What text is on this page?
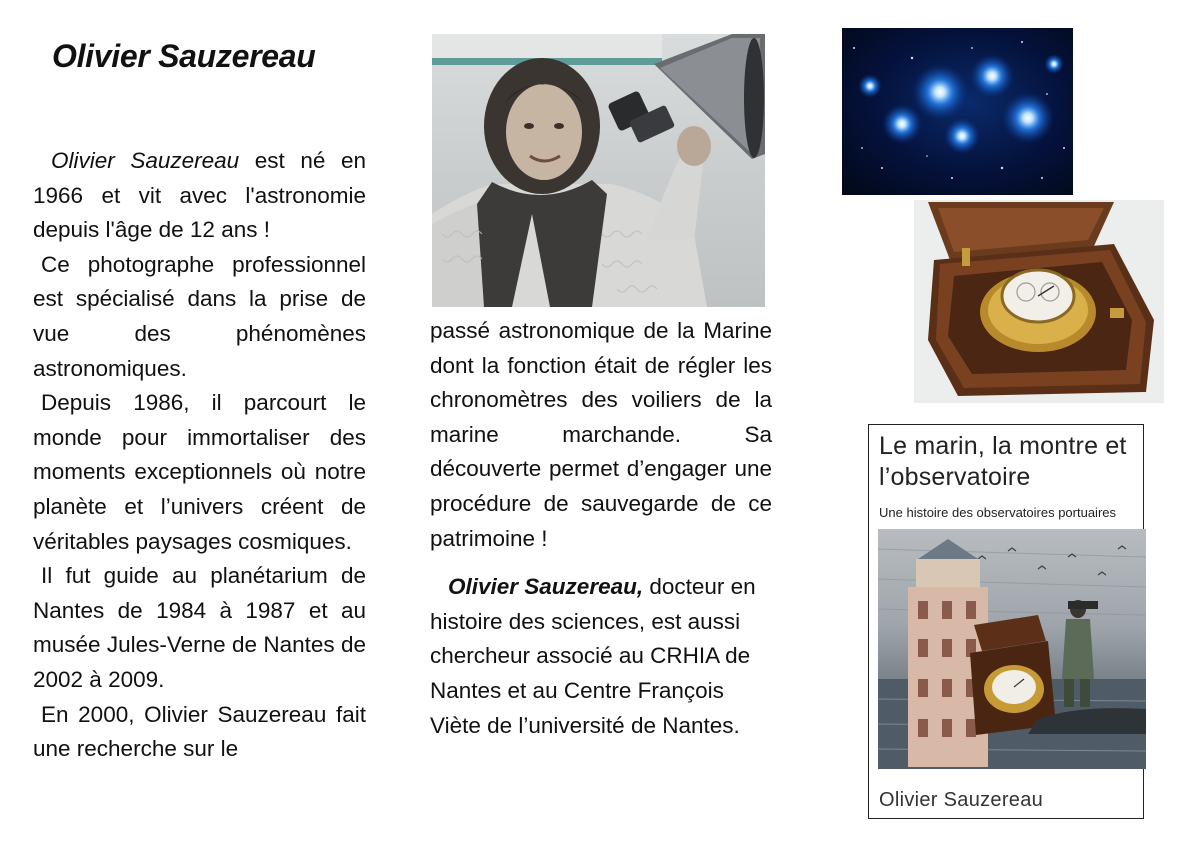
Olivier Sauzereau

Olivier Sauzereau est né en 1966 et vit avec l'astronomie depuis l'âge de 12 ans !

Ce photographe professionnel est spécialisé dans la prise de vue des phénomènes astronomiques.

Depuis 1986, il parcourt le monde pour immortaliser des moments exceptionnels où notre planète et l’univers créent de véritables paysages cosmiques.

Il fut guide au planétarium de Nantes de 1984 à 1987 et au musée Jules-Verne de Nantes de 2002 à 2009.

En 2000, Olivier Sauzereau fait une recherche sur le

passé astronomique de la Marine dont la fonction était de régler les chronomètres des voiliers de la marine marchande. Sa découverte permet d’engager une procédure de sauvegarde de ce patrimoine !

Olivier Sauzereau, docteur en histoire des sciences, est aussi chercheur associé au CRHIA de Nantes et au Centre François Viète de l’université de Nantes.

Le marin, la montre et l’observatoire
Une histoire des observatoires portuaires
Olivier Sauzereau
